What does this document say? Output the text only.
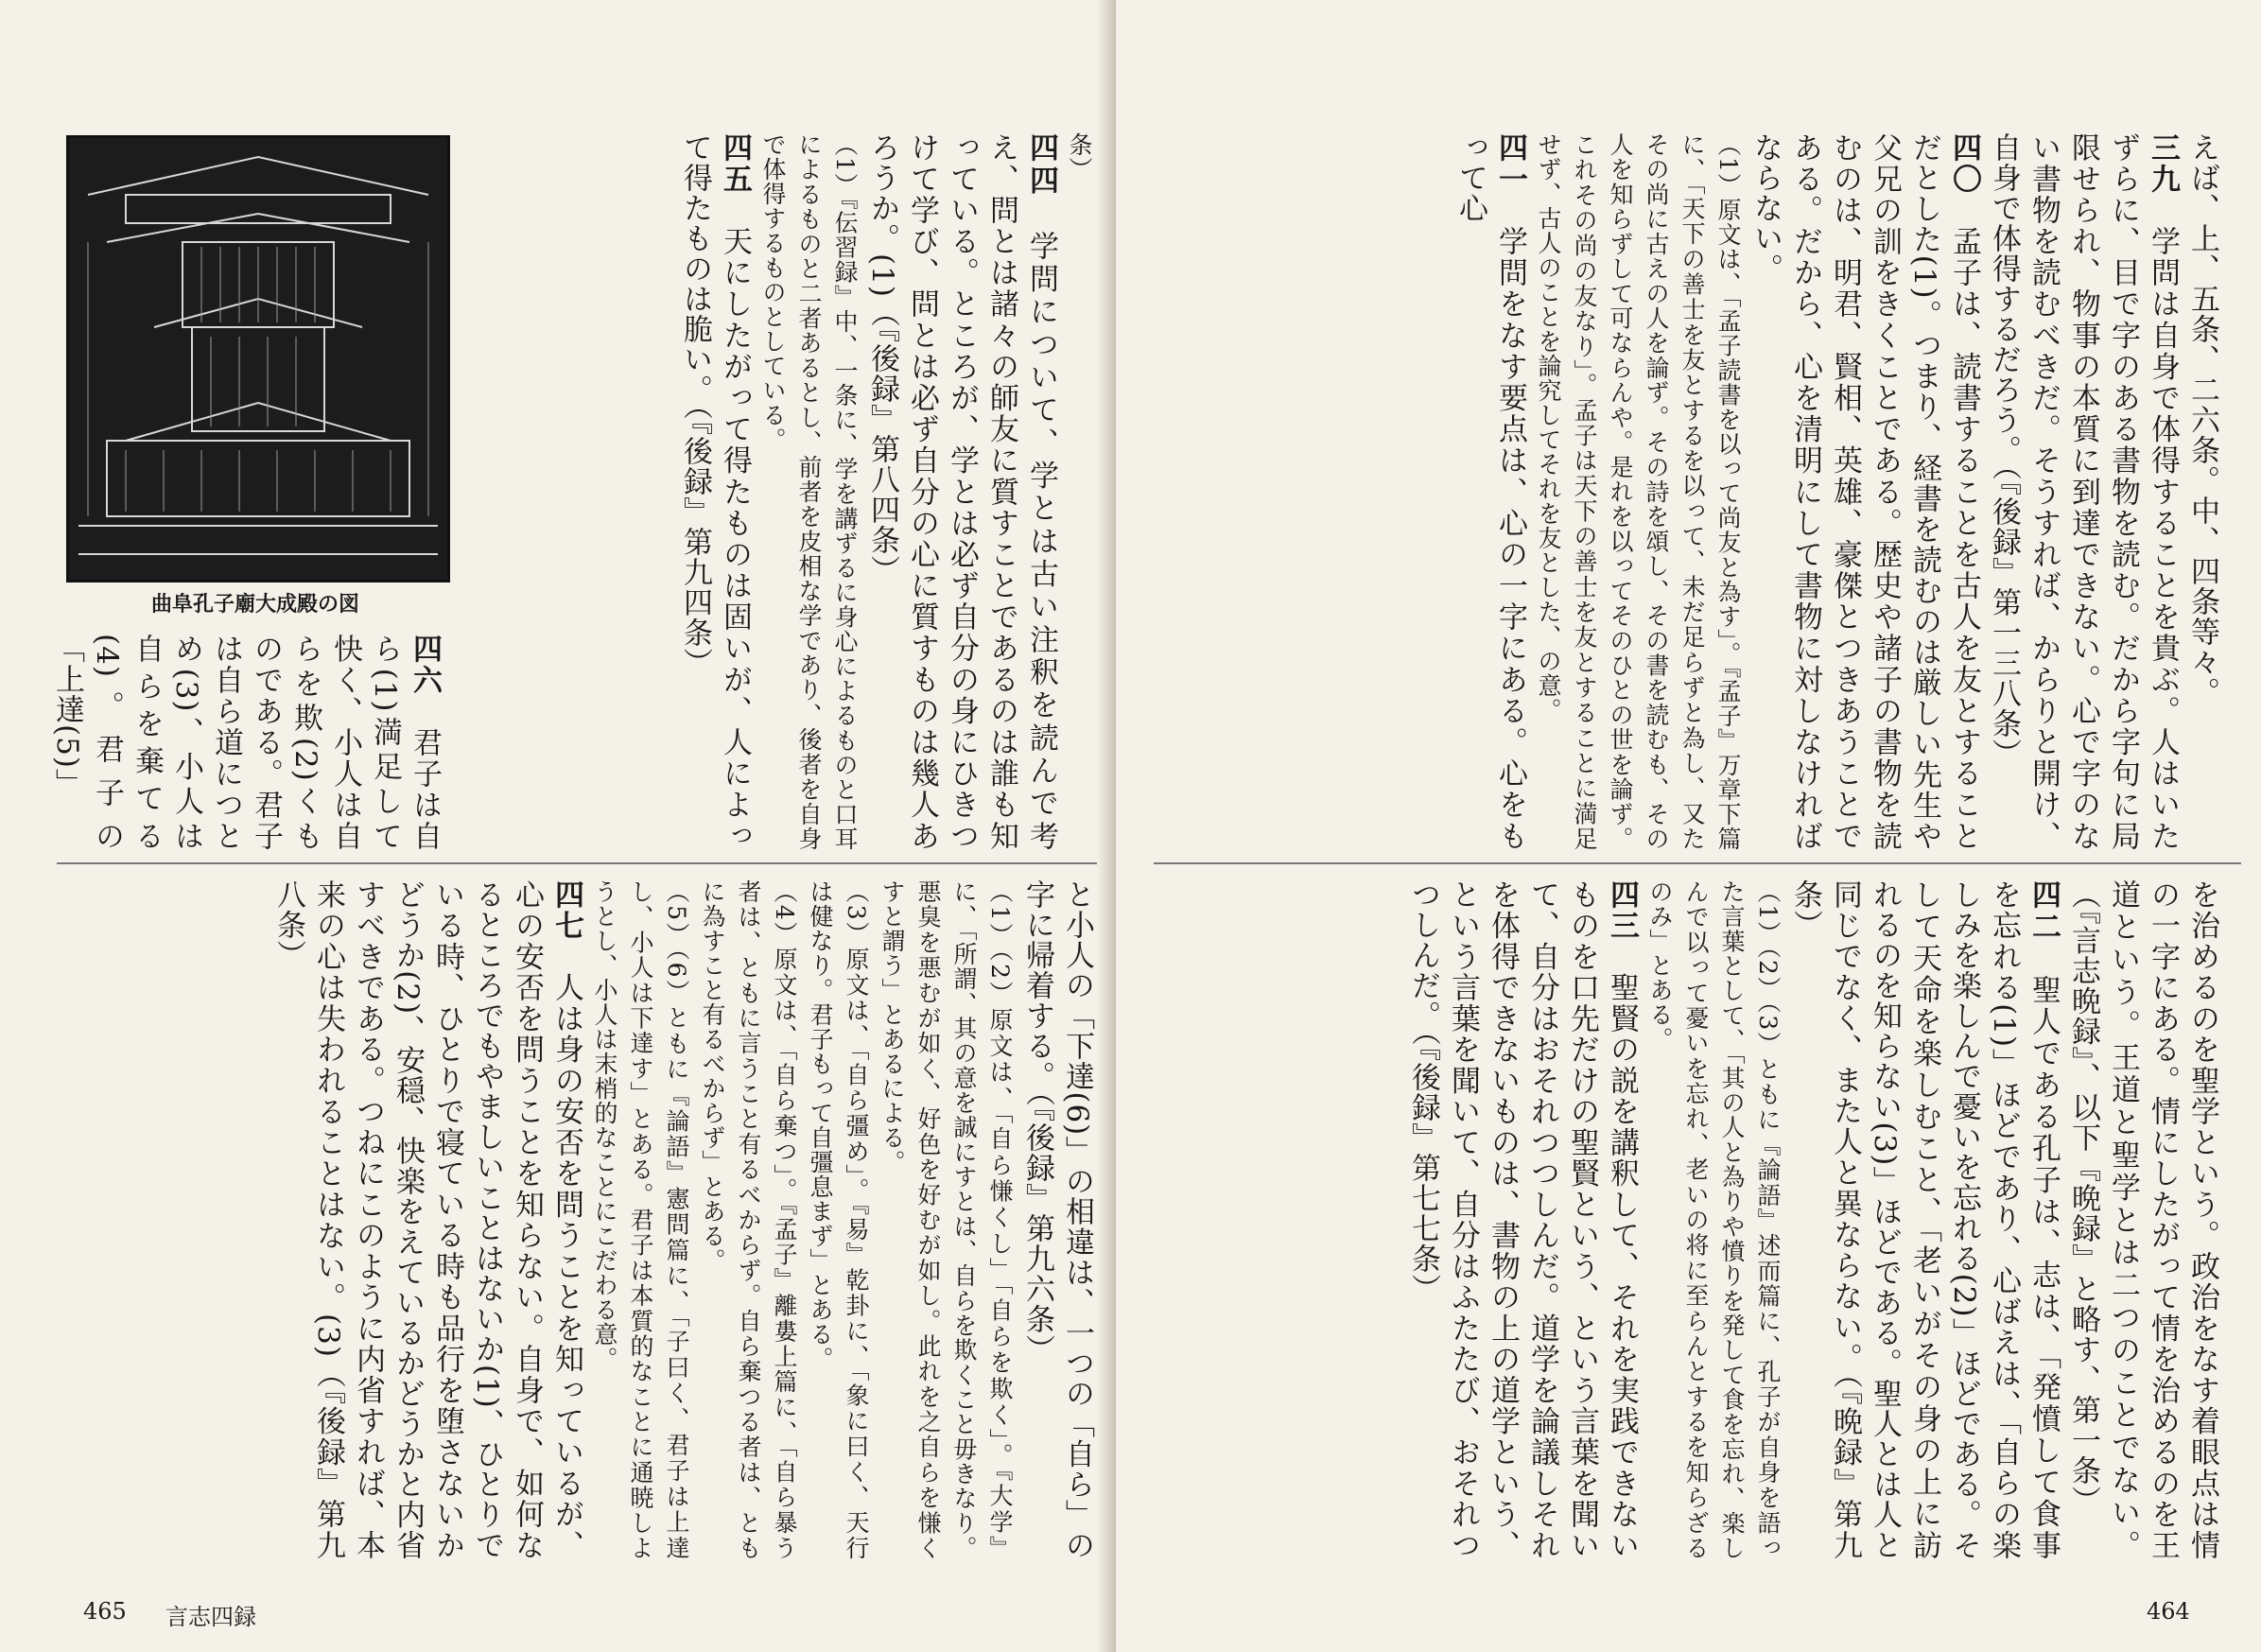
曲阜孔子廟大成殿の図

条）

四四　学問について、学とは古い注釈を読んで考え、問とは諸々の師友に質すことであるのは誰も知っている。ところが、学とは必ず自分の身にひきつけて学び、問とは必ず自分の心に質すものは幾人あろうか。(1)（『後録』第八四条）

（1）『伝習録』中、一条に、学を講ずるに身心によるものと口耳によるものと二者あるとし、前者を皮相な学であり、後者を自身で体得するものとしている。

四五　天にしたがって得たものは固いが、人によって得たものは脆い。（『後録』第九四条）

四六　君子は自ら(1)満足して快く、小人は自らを欺(2)くものである。君子は自ら道につとめ(3)、小人は自らを棄てる(4)。君子の「上達(5)」

と小人の「下達(6)」の相違は、一つの「自ら」の字に帰着する。（『後録』第九六条）

（1）（2）原文は、「自ら慊くし」「自らを欺く」。『大学』に、「所謂、其の意を誠にすとは、自らを欺くこと毋きなり。悪臭を悪むが如く、好色を好むが如し。此れを之自らを慊くすと謂う」とあるによる。

（3）原文は、「自ら彊め」。『易』乾卦に、「象に曰く、天行は健なり。君子もって自彊息まず」とある。

（4）原文は、「自ら棄つ」。『孟子』離婁上篇に、「自ら暴う者は、ともに言うこと有るべからず。自ら棄つる者は、ともに為すこと有るべからず」とある。

（5）（6）ともに『論語』憲問篇に、「子曰く、君子は上達し、小人は下達す」とある。君子は本質的なことに通暁しようとし、小人は末梢的なことにこだわる意。

四七　人は身の安否を問うことを知っているが、心の安否を問うことを知らない。自身で、如何なるところでもやましいことはないか(1)、ひとりでいる時、ひとりで寝ている時も品行を堕さないかどうか(2)、安穏、快楽をえているかどうかと内省すべきである。つねにこのように内省すれば、本来の心は失われることはない。(3)（『後録』第九八条）

465 言志四録

えば、上、五条、二六条。中、四条等々。

三九　学問は自身で体得することを貴ぶ。人はいたずらに、目で字のある書物を読む。だから字句に局限せられ、物事の本質に到達できない。心で字のない書物を読むべきだ。そうすれば、からりと開け、自身で体得するだろう。（『後録』第一三八条）

四〇　孟子は、読書することを古人を友とすることだとした(1)。つまり、経書を読むのは厳しい先生や父兄の訓をきくことである。歴史や諸子の書物を読むのは、明君、賢相、英雄、豪傑とつきあうことである。だから、心を清明にして書物に対しなければならない。

（1）原文は、「孟子読書を以って尚友と為す」。『孟子』万章下篇に、「天下の善士を友とするを以って、未だ足らずと為し、又たその尚に古えの人を論ず。その詩を頌し、その書を読むも、その人を知らずして可ならんや。是れを以ってそのひとの世を論ず。これその尚の友なり」。孟子は天下の善士を友とすることに満足せず、古人のことを論究してそれを友とした、の意。

四一　学問をなす要点は、心の一字にある。心をもって心

を治めるのを聖学という。政治をなす着眼点は情の一字にある。情にしたがって情を治めるのを王道という。王道と聖学とは二つのことでない。（『言志晩録』、以下『晩録』と略す、第一条）

四二　聖人である孔子は、志は、「発憤して食事を忘れる(1)」ほどであり、心ばえは、「自らの楽しみを楽しんで憂いを忘れる(2)」ほどである。そして天命を楽しむこと、「老いがその身の上に訪れるのを知らない(3)」ほどである。聖人とは人と同じでなく、また人と異ならない。（『晩録』第九条）

（1）（2）（3）ともに『論語』述而篇に、孔子が自身を語った言葉として、「其の人と為りや憤りを発して食を忘れ、楽しんで以って憂いを忘れ、老いの将に至らんとするを知らざるのみ」とある。

四三　聖賢の説を講釈して、それを実践できないものを口先だけの聖賢という、という言葉を聞いて、自分はおそれつつしんだ。道学を論議しそれを体得できないものは、書物の上の道学という、という言葉を聞いて、自分はふたたび、おそれつつしんだ。（『後録』第七七条）

464
